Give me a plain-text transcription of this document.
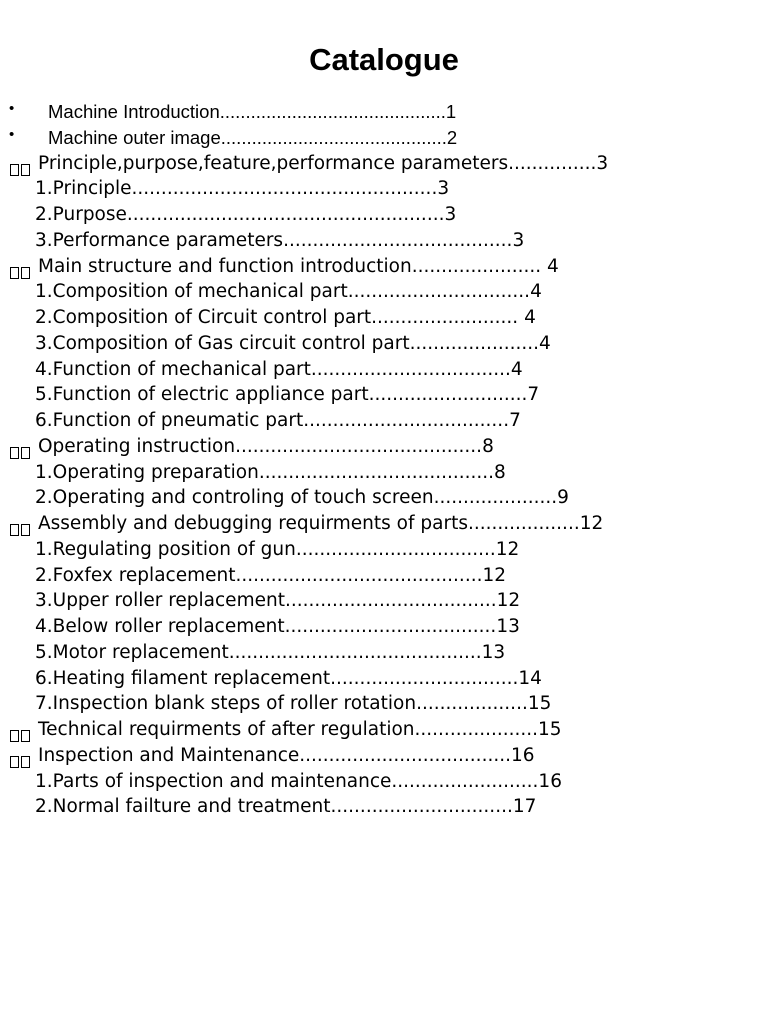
Catalogue
• Machine Introduction............................................1
• Machine outer image............................................2
Principle,purpose,feature,performance parameters...............3
1.Principle....................................................3
2.Purpose......................................................3
3.Performance parameters.......................................3
Main structure and function introduction...................... 4
1.Composition of mechanical part...............................4
2.Composition of Circuit control part......................... 4
3.Composition of Gas circuit control part......................4
4.Function of mechanical part..................................4
5.Function of electric appliance part...........................7
6.Function of pneumatic part...................................7
Operating instruction..........................................8
1.Operating preparation........................................8
2.Operating and controling of touch screen.....................9
Assembly and debugging requirments of parts...................12
1.Regulating position of gun..................................12
2.Foxfex replacement..........................................12
3.Upper roller replacement....................................12
4.Below roller replacement....................................13
5.Motor replacement...........................................13
6.Heating filament replacement................................14
7.Inspection blank steps of roller rotation...................15
Technical requirments of after regulation.....................15
Inspection and Maintenance....................................16
1.Parts of inspection and maintenance.........................16
2.Normal failture and treatment...............................17
